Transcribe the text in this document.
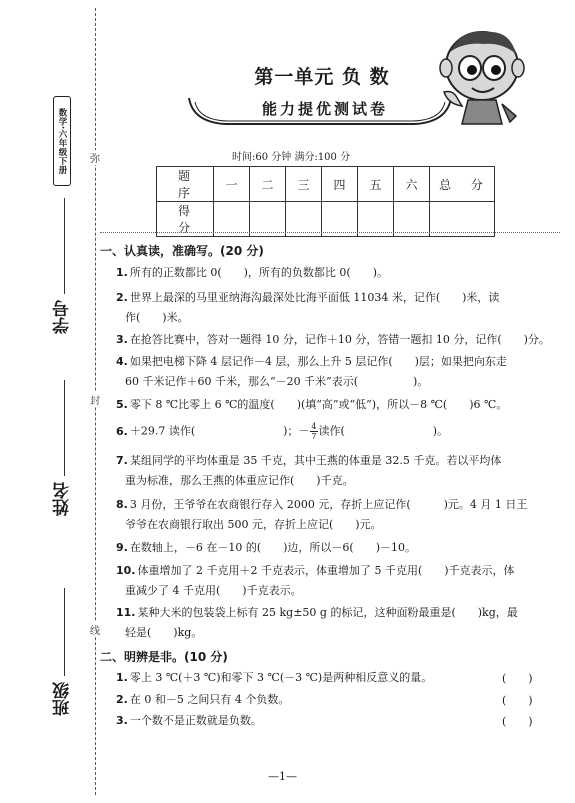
弥
封
线
数学·六年级下册
学号
姓名
班级
第一单元 负 数
能力提优测试卷
时间:60 分钟 满分:100 分
题 序	一	二	三	四	五	六	总 分
得 分							
一、认真读，准确写。(20 分)
1. 所有的正数都比 0(　　)，所有的负数都比 0(　　)。
2. 世界上最深的马里亚纳海沟最深处比海平面低 11034 米，记作(　　)米，读
作(　　)米。
3. 在抢答比赛中，答对一题得 10 分，记作＋10 分，答错一题扣 10 分，记作(　　)分。
4. 如果把电梯下降 4 层记作－4 层，那么上升 5 层记作(　　)层；如果把向东走
60 千米记作＋60 千米，那么“－20 千米”表示(　　　　　)。
5. 零下 8 ℃比零上 6 ℃的温度(　　)(填“高”或“低”)，所以－8 ℃(　　)6 ℃。
6. ＋29.7 读作(　　　　　　　　)；－ $\frac{4}{7}$ 读作(　　　　　　　　)。
7. 某组同学的平均体重是 35 千克，其中王燕的体重是 32.5 千克。若以平均体
重为标准，那么王燕的体重应记作(　　)千克。
8. 3 月份，王爷爷在农商银行存入 2000 元，存折上应记作(　　　)元。4 月 1 日王
爷爷在农商银行取出 500 元，存折上应记(　　)元。
9. 在数轴上，－6 在－10 的(　　)边，所以－6(　　)－10。
10. 体重增加了 2 千克用＋2 千克表示，体重增加了 5 千克用(　　)千克表示，体
重减少了 4 千克用(　　)千克表示。
11. 某种大米的包装袋上标有 25 kg±50 g 的标记，这种面粉最重是(　　)kg，最
轻是(　　)kg。
二、明辨是非。(10 分)
1. 零上 3 ℃(＋3 ℃)和零下 3 ℃(－3 ℃)是两种相反意义的量。	(　　)
2. 在 0 和－5 之间只有 4 个负数。	(　　)
3. 一个数不是正数就是负数。	(　　)
—1—
